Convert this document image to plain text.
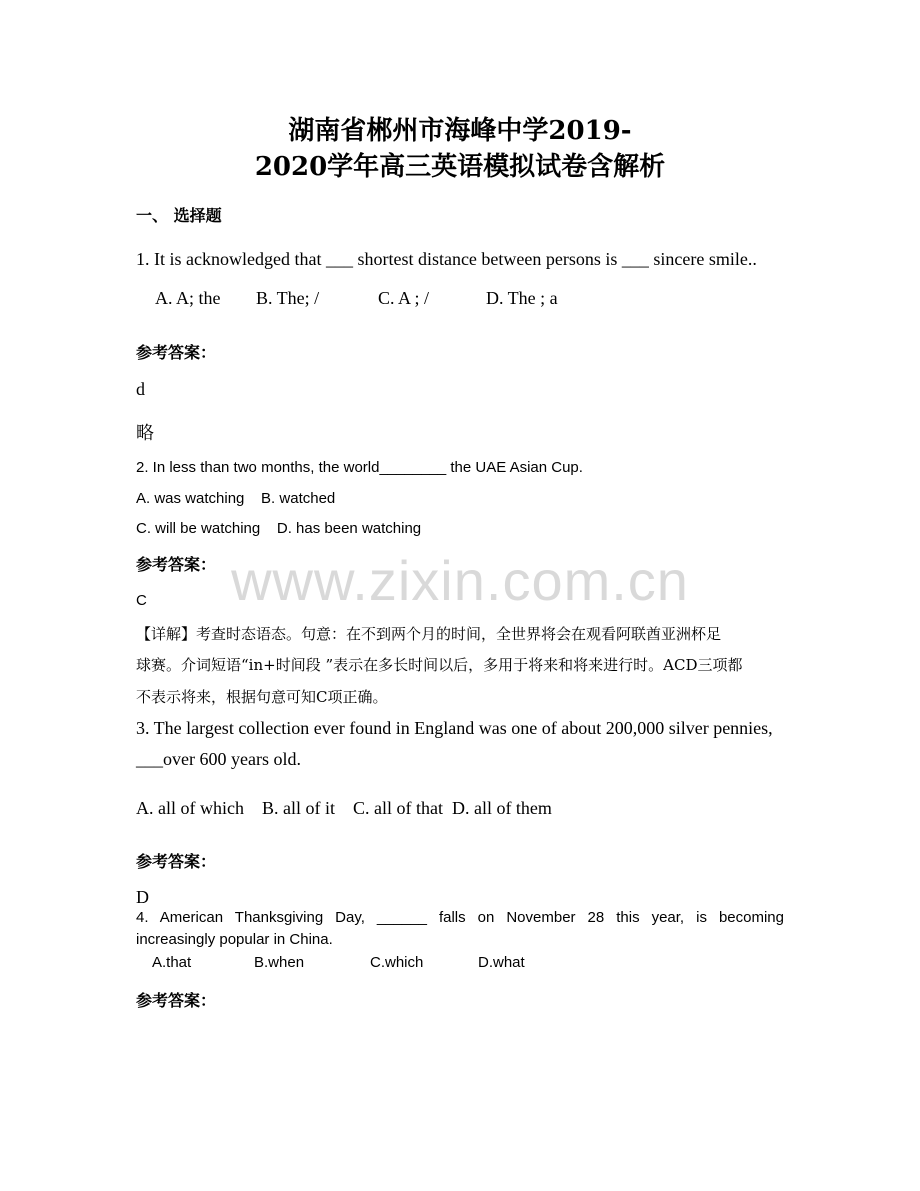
www.zixin.com.cn
湖南省郴州市海峰中学2019-
2020学年高三英语模拟试卷含解析
一、 选择题
1. It is acknowledged that ___ shortest distance between persons is ___ sincere smile..
A. A; the B. The; /	C. A ; /	D. The ; a
参考答案：
d
略
2. In less than two months, the world________ the UAE Asian Cup.
A. was watching    B. watched
C. will be watching    D. has been watching
参考答案：
C
【详解】考查时态语态。句意：在不到两个月的时间，全世界将会在观看阿联酋亚洲杯足
球赛。介词短语“in+时间段 ”表示在多长时间以后，多用于将来和将来进行时。ACD三项都
不表示将来，根据句意可知C项正确。
3. The largest collection ever found in England was one of about 200,000 silver pennies,
___over 600 years old.
A. all of which    B. all of it    C. all of that  D. all of them
参考答案：
D
4. American Thanksgiving Day, ______ falls on November 28 this year, is becoming
increasingly popular in China.
A.that	B.when	C.which	D.what
参考答案：
